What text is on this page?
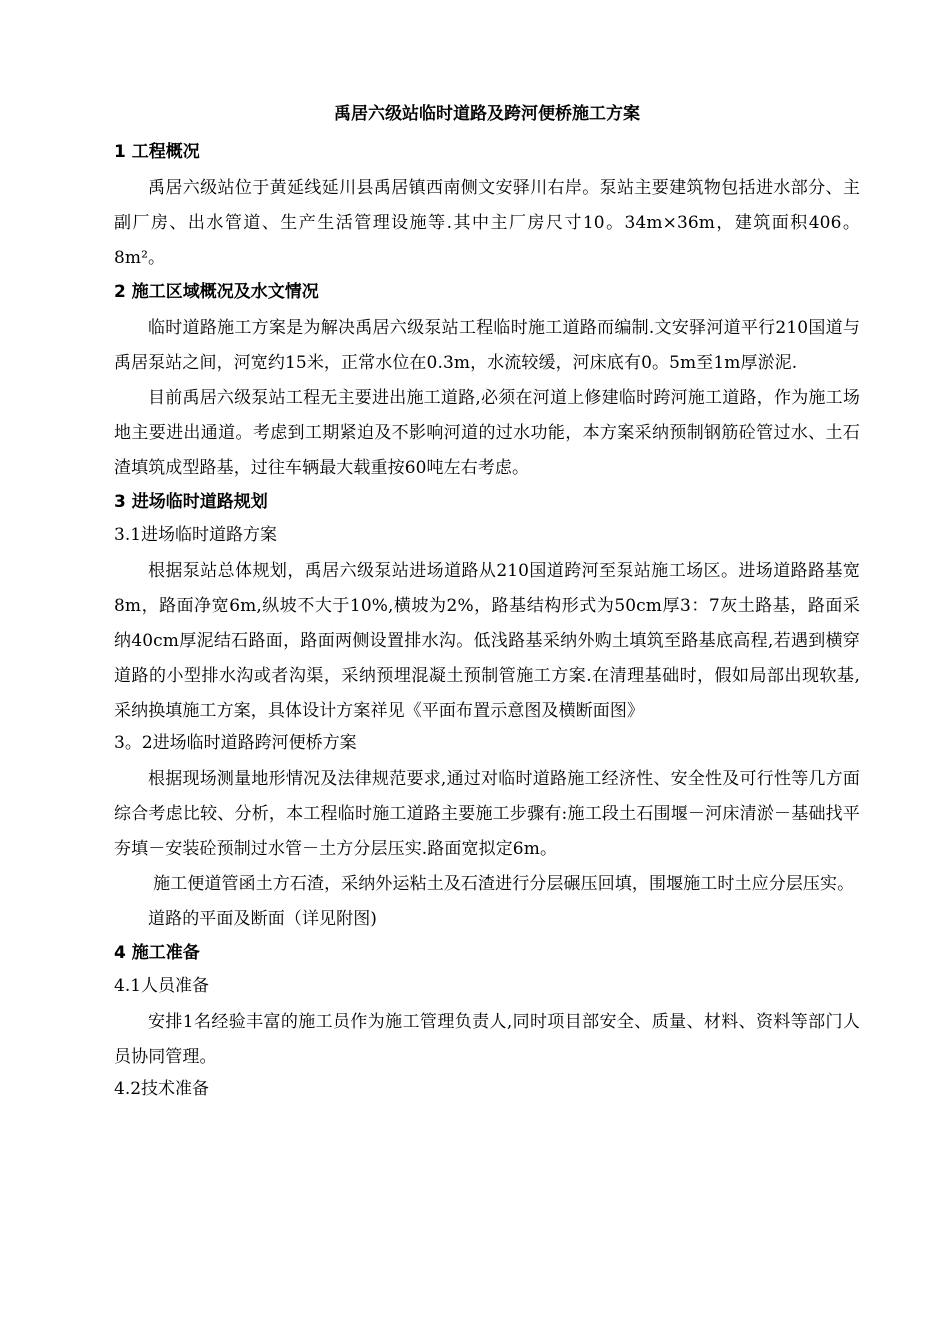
禹居六级站临时道路及跨河便桥施工方案
1 工程概况

禹居六级站位于黄延线延川县禹居镇西南侧文安驿川右岸。泵站主要建筑物包括进水部分、主副厂房、出水管道、生产生活管理设施等.其中主厂房尺寸10。34m×36m，建筑面积406。8m²。

2 施工区域概况及水文情况

临时道路施工方案是为解决禹居六级泵站工程临时施工道路而编制.文安驿河道平行210国道与禹居泵站之间，河宽约15米，正常水位在0.3m，水流较缓，河床底有0。5m至1m厚淤泥.

目前禹居六级泵站工程无主要进出施工道路,必须在河道上修建临时跨河施工道路，作为施工场地主要进出通道。考虑到工期紧迫及不影响河道的过水功能，本方案采纳预制钢筋砼管过水、土石渣填筑成型路基，过往车辆最大载重按60吨左右考虑。

3 进场临时道路规划
3.1进场临时道路方案

根据泵站总体规划，禹居六级泵站进场道路从210国道跨河至泵站施工场区。进场道路路基宽8m，路面净宽6m,纵坡不大于10%,横坡为2%，路基结构形式为50cm厚3：7灰土路基，路面采纳40cm厚泥结石路面，路面两侧设置排水沟。低浅路基采纳外购土填筑至路基底高程,若遇到横穿道路的小型排水沟或者沟渠，采纳预埋混凝土预制管施工方案.在清理基础时，假如局部出现软基,采纳换填施工方案，具体设计方案祥见《平面布置示意图及横断面图》

3。2进场临时道路跨河便桥方案

根据现场测量地形情况及法律规范要求,通过对临时道路施工经济性、安全性及可行性等几方面综合考虑比较、分析，本工程临时施工道路主要施工步骤有:施工段土石围堰－河床清淤－基础找平夯填－安装砼预制过水管－土方分层压实.路面宽拟定6m。

施工便道管函土方石渣，采纳外运粘土及石渣进行分层碾压回填，围堰施工时土应分层压实。

道路的平面及断面（详见附图)

4 施工准备
4.1人员准备

安排1名经验丰富的施工员作为施工管理负责人,同时项目部安全、质量、材料、资料等部门人员协同管理。

4.2技术准备
